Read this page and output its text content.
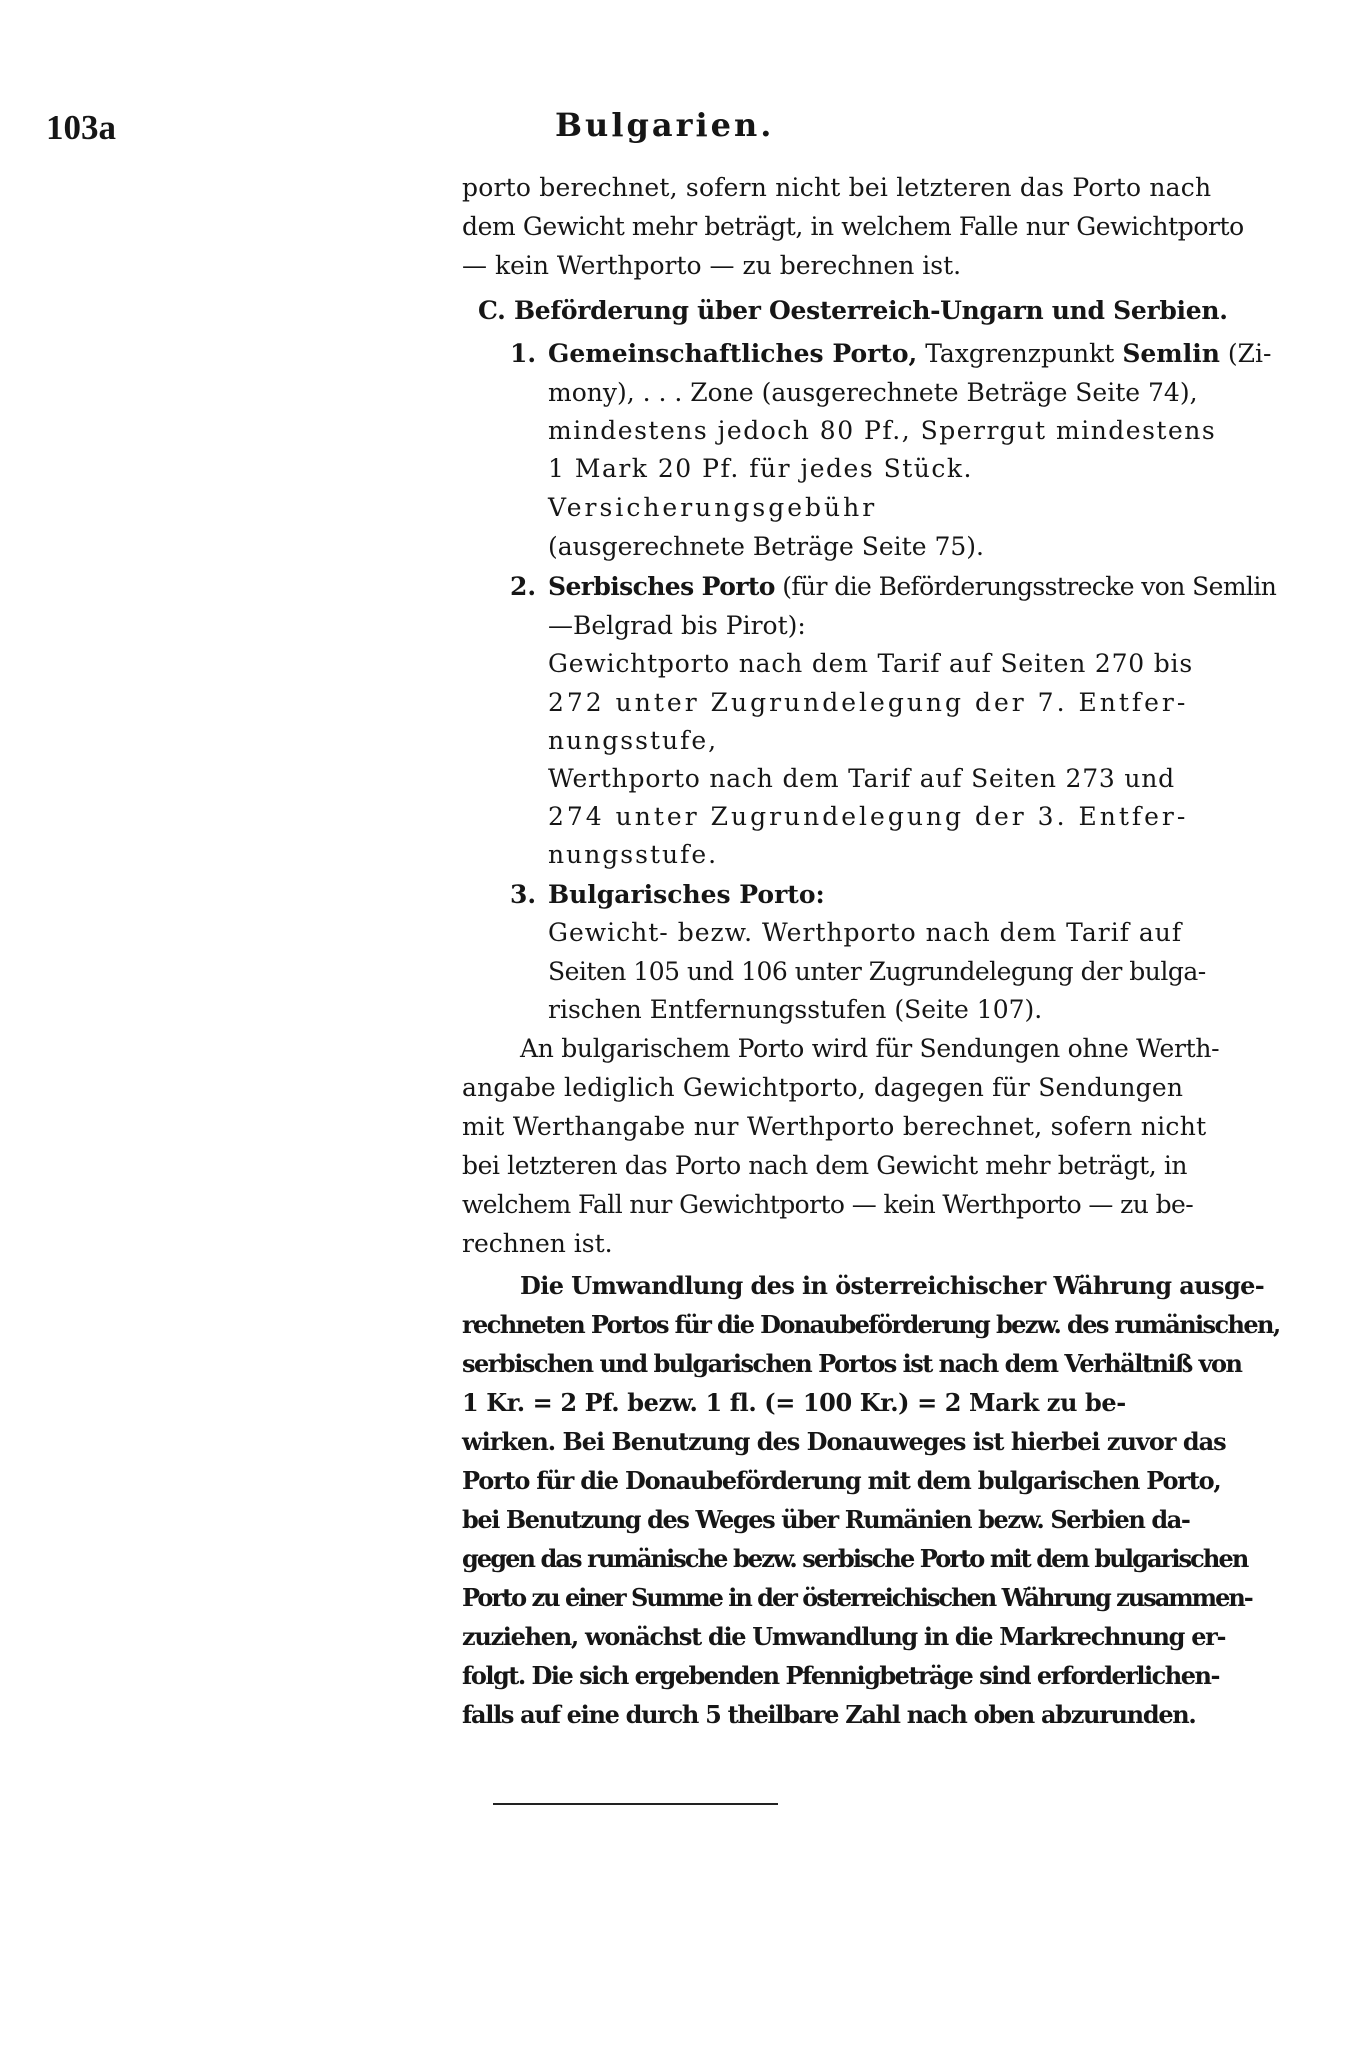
103a	Bulgarien.
porto berechnet, sofern nicht bei letzteren das Porto nach
dem Gewicht mehr beträgt, in welchem Falle nur Gewichtporto
— kein Werthporto — zu berechnen ist.
C. Beförderung über Oesterreich-Ungarn und Serbien.
1. Gemeinschaftliches Porto, Taxgrenzpunkt Semlin (Zi-
mony), . . . Zone (ausgerechnete Beträge Seite 74),
mindestens jedoch 80 Pf., Sperrgut mindestens
1 Mark 20 Pf. für jedes Stück.
Versicherungsgebühr
(ausgerechnete Beträge Seite 75).
2. Serbisches Porto (für die Beförderungsstrecke von Semlin
—Belgrad bis Pirot):
Gewichtporto nach dem Tarif auf Seiten 270 bis
272 unter Zugrundelegung der 7. Entfer-
nungsstufe,
Werthporto nach dem Tarif auf Seiten 273 und
274 unter Zugrundelegung der 3. Entfer-
nungsstufe.
3. Bulgarisches Porto:
Gewicht- bezw. Werthporto nach dem Tarif auf
Seiten 105 und 106 unter Zugrundelegung der bulga-
rischen Entfernungsstufen (Seite 107).
An bulgarischem Porto wird für Sendungen ohne Werth-
angabe lediglich Gewichtporto, dagegen für Sendungen
mit Werthangabe nur Werthporto berechnet, sofern nicht
bei letzteren das Porto nach dem Gewicht mehr beträgt, in
welchem Fall nur Gewichtporto — kein Werthporto — zu be-
rechnen ist.
Die Umwandlung des in österreichischer Währung ausge-
rechneten Portos für die Donaubeförderung bezw. des rumänischen,
serbischen und bulgarischen Portos ist nach dem Verhältniß von
1 Kr. = 2 Pf. bezw. 1 fl. (= 100 Kr.) = 2 Mark zu be-
wirken. Bei Benutzung des Donauweges ist hierbei zuvor das
Porto für die Donaubeförderung mit dem bulgarischen Porto,
bei Benutzung des Weges über Rumänien bezw. Serbien da-
gegen das rumänische bezw. serbische Porto mit dem bulgarischen
Porto zu einer Summe in der österreichischen Währung zusammen-
zuziehen, wonächst die Umwandlung in die Markrechnung er-
folgt. Die sich ergebenden Pfennigbeträge sind erforderlichen-
falls auf eine durch 5 theilbare Zahl nach oben abzurunden.
